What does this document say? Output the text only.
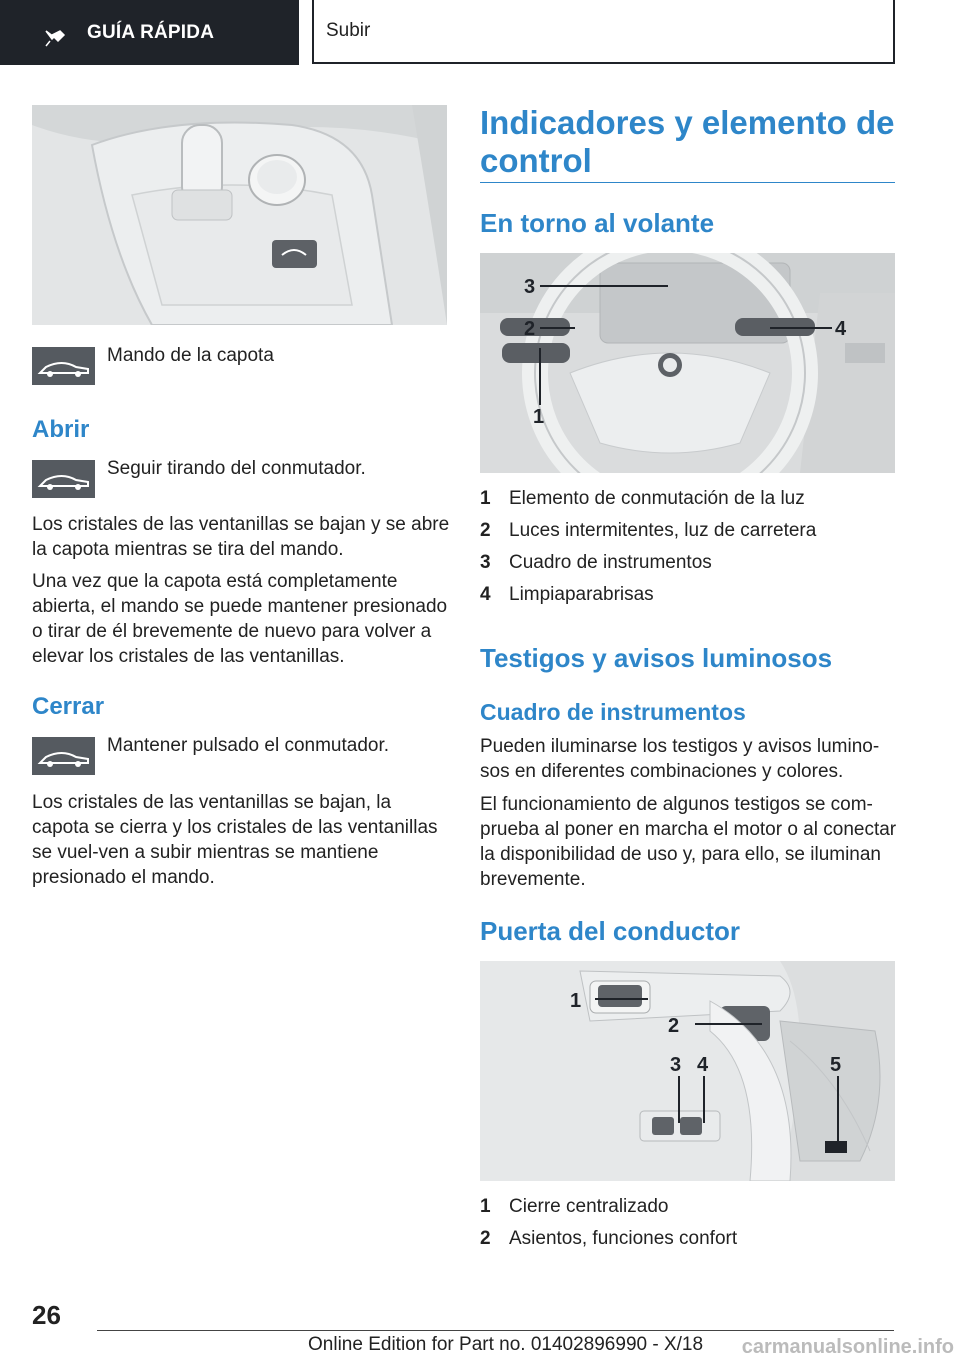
GUÍA RÁPIDA	Subir
Mando de la capota
Abrir
Seguir tirando del conmutador.
Los cristales de las ventanillas se bajan y se abre la capota mientras se tira del mando.
Una vez que la capota está completamente abierta, el mando se puede mantener presionado o tirar de él brevemente de nuevo para volver a elevar los cristales de las ventanillas.
Cerrar
Mantener pulsado el conmutador.
Los cristales de las ventanillas se bajan, la capota se cierra y los cristales de las ventanillas se vuel-ven a subir mientras se mantiene presionado el mando.
Indicadores y elemento de control
En torno al volante
3
2	4
1
1 Elemento de conmutación de la luz
2 Luces intermitentes, luz de carretera
3 Cuadro de instrumentos
4 Limpiaparabrisas
Testigos y avisos luminosos
Cuadro de instrumentos
Pueden iluminarse los testigos y avisos lumino-sos en diferentes combinaciones y colores.
El funcionamiento de algunos testigos se com-prueba al poner en marcha el motor o al conectar la disponibilidad de uso y, para ello, se iluminan brevemente.
Puerta del conductor
1
2
3 4	5
1 Cierre centralizado
2 Asientos, funciones confort
26
Online Edition for Part no. 01402896990 - X/18 carmanualsonline.info
